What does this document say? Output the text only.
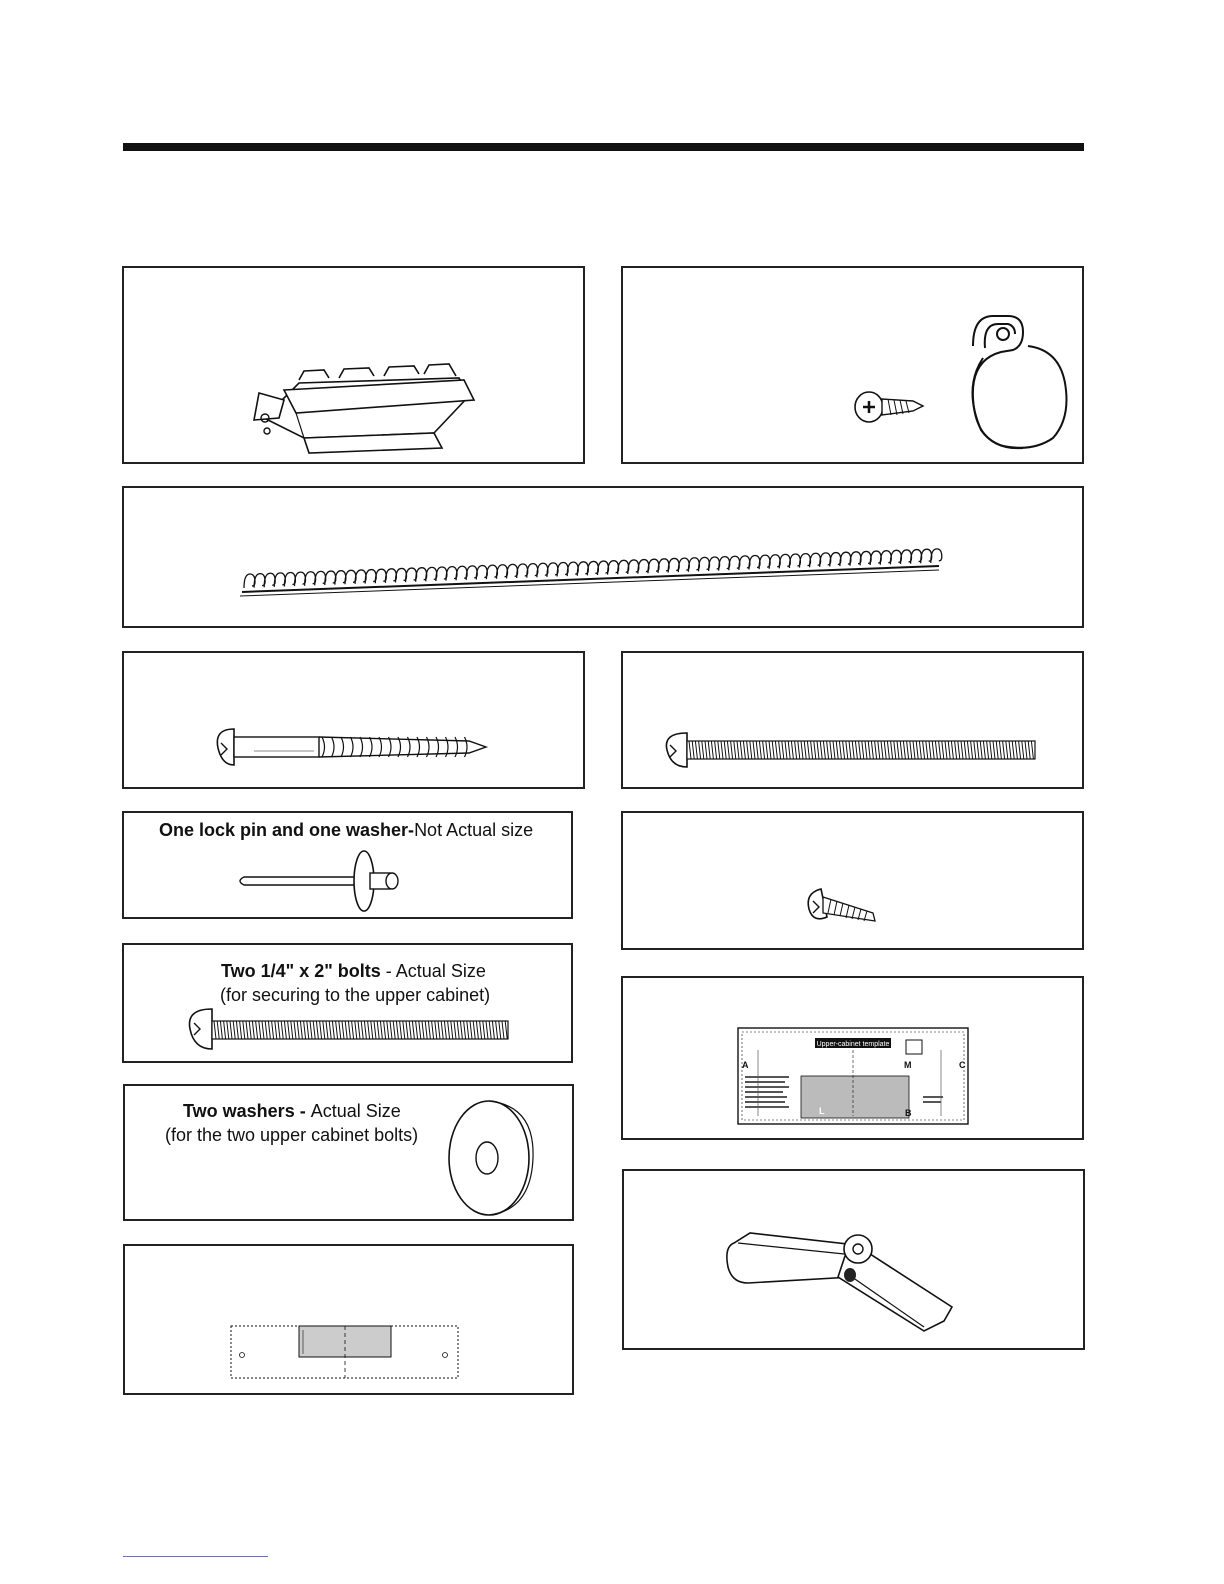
One lock pin and one washer-Not Actual size
Two 1/4" x 2" bolts - Actual Size
(for securing to the upper cabinet)
Upper-cabinet template
A	C
M
B
L
Two washers - Actual Size
(for the two upper cabinet bolts)
